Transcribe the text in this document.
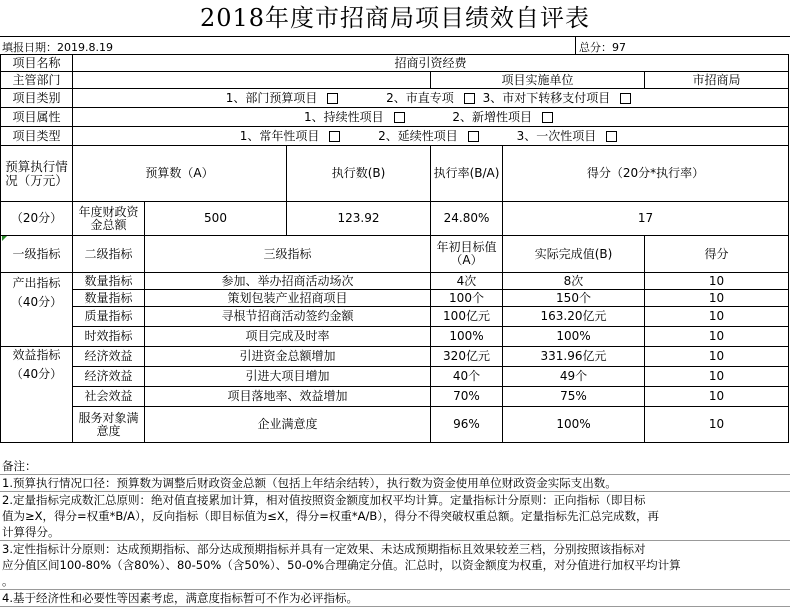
2018年度市招商局项目绩效自评表
填报日期：2019.8.19	总分：97
项目名称	招商引资经费					
主管部门				项目实施单位		市招商局
项目类别	1、部门预算项目 2、市直专项 3、市对下转移支付项目					
项目属性	1、持续性项目 2、新增性项目					
项目类型	1、常年性项目 2、延续性项目 3、一次性项目					
预算执行情况（万元）	预算数（A）		执行数(B)	执行率(B/A)	得分（20分*执行率）	
（20分）	年度财政资金总额	500	123.92	24.80%	17	
一级指标	二级指标	三级指标		年初目标值（A）	实际完成值(B)	得分

产出指标
（40分）	数量指标	参加、举办招商活动场次		4次	8次	10
	数量指标	策划包装产业招商项目		100个	150个	10
	质量指标	寻根节招商活动签约金额		100亿元	163.20亿元	10
	时效指标	项目完成及时率		100%	100%	10

效益指标
（40分）	经济效益	引进资金总额增加		320亿元	331.96亿元	10
	经济效益	引进大项目增加		40个	49个	10
	社会效益	项目落地率、效益增加		70%	75%	10
	服务对象满意度	企业满意度		96%	100%	10
备注：
1.预算执行情况口径：预算数为调整后财政资金总额（包括上年结余结转），执行数为资金使用单位财政资金实际支出数。
2.定量指标完成数汇总原则：绝对值直接累加计算，相对值按照资金额度加权平均计算。定量指标计分原则：正向指标（即目标
值为≥X，得分=权重*B/A），反向指标（即目标值为≤X，得分=权重*A/B），得分不得突破权重总额。定量指标先汇总完成数，再
计算得分。
3.定性指标计分原则：达成预期指标、部分达成预期指标并具有一定效果、未达成预期指标且效果较差三档，分别按照该指标对
应分值区间100-80%（含80%）、80-50%（含50%）、50-0%合理确定分值。汇总时，以资金额度为权重，对分值进行加权平均计算
。
4.基于经济性和必要性等因素考虑，满意度指标暂可不作为必评指标。
